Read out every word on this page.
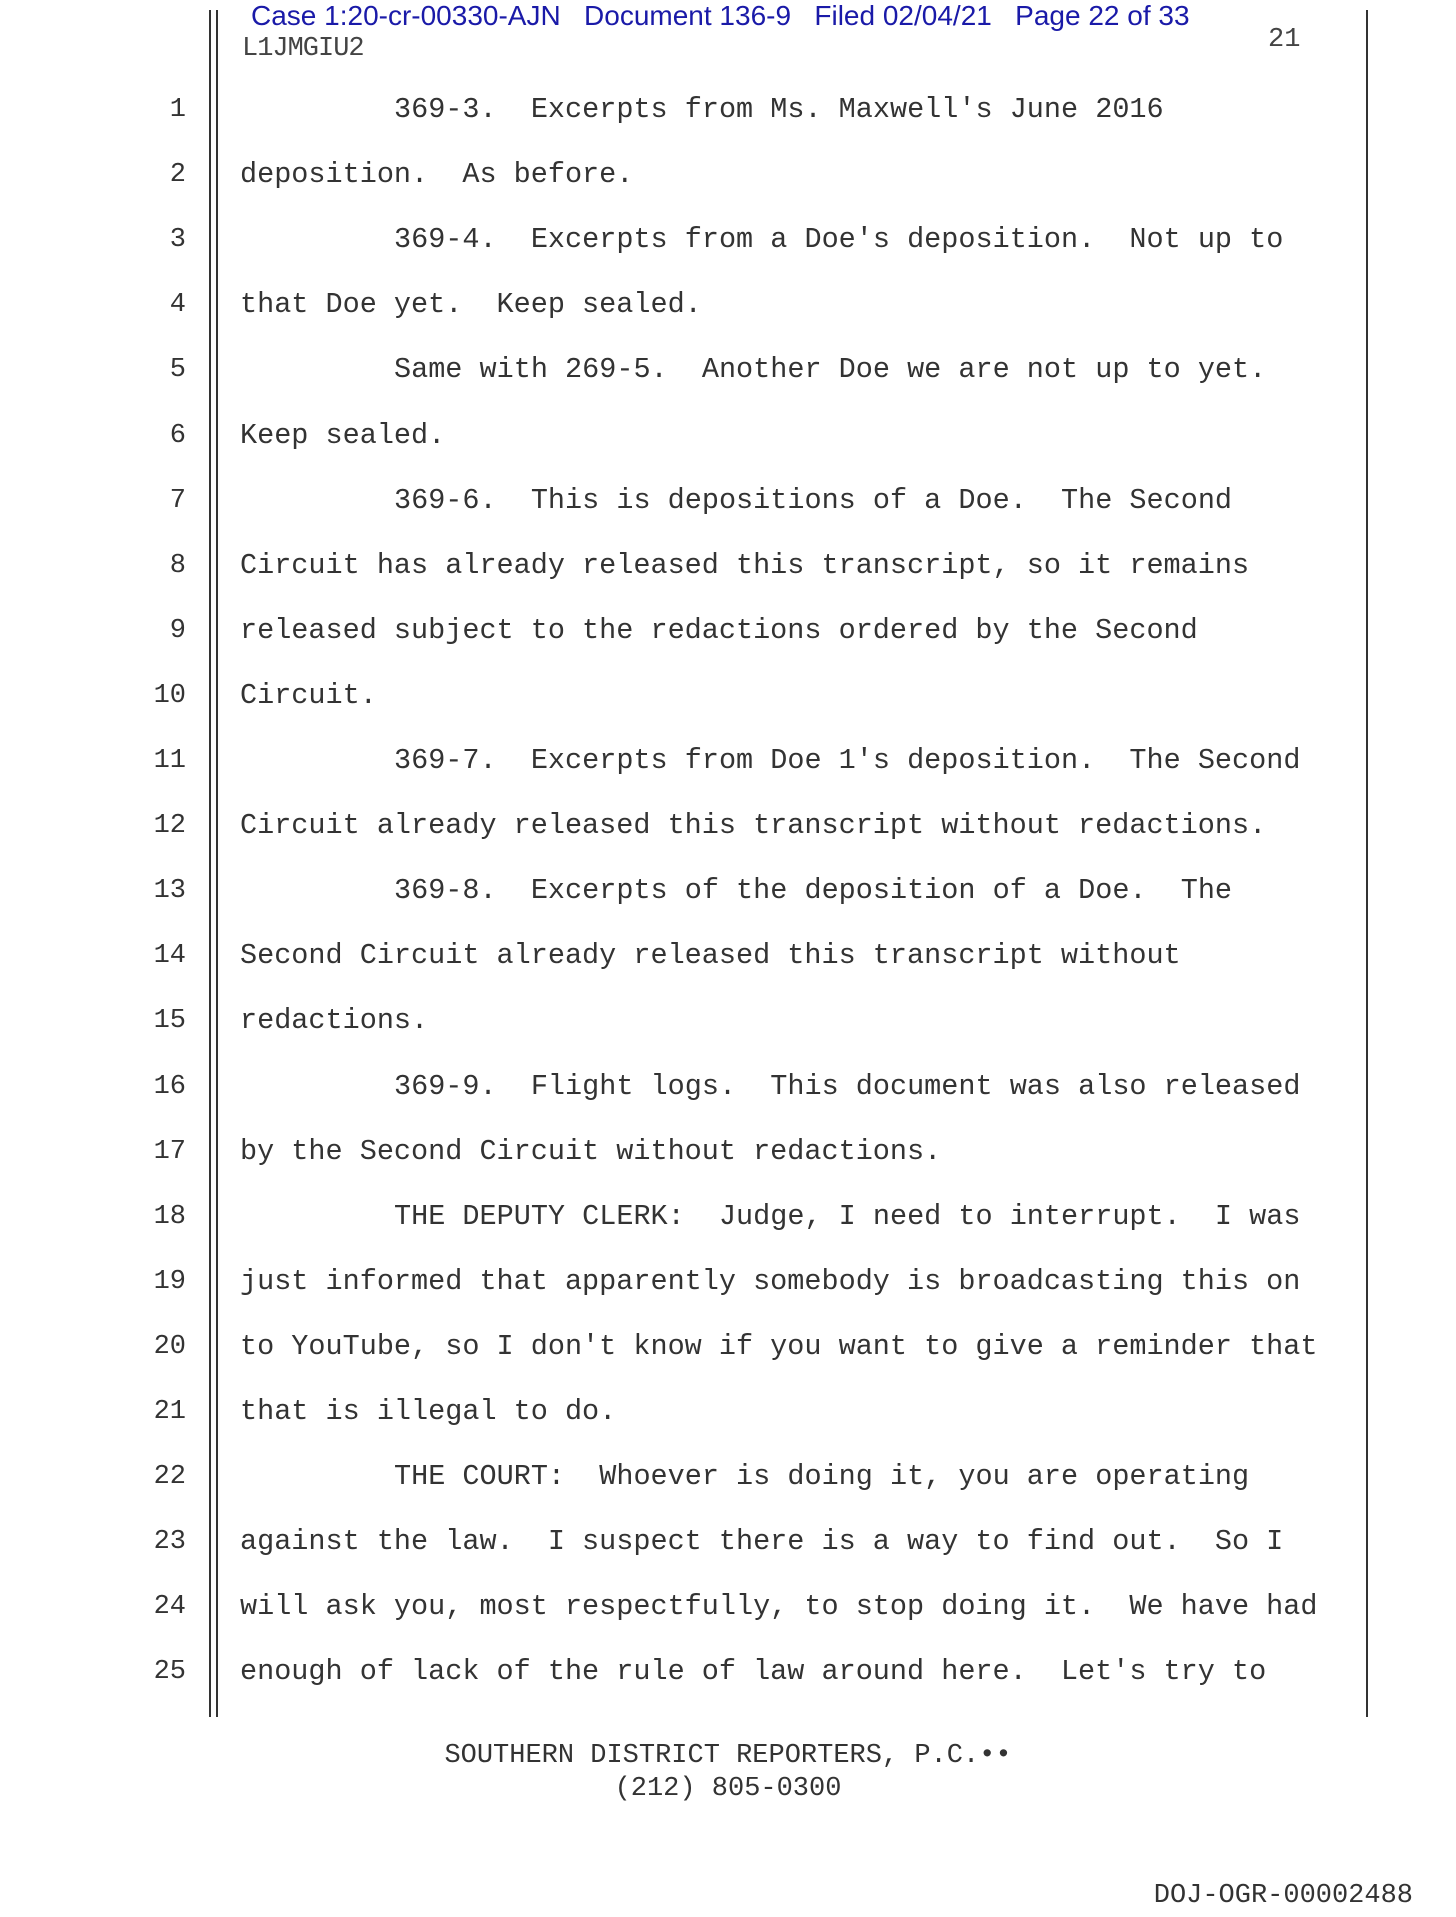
Case 1:20-cr-00330-AJN   Document 136-9   Filed 02/04/21   Page 22 of 33
L1JMGIU2	21
1	369-3.  Excerpts from Ms. Maxwell's June 2016
2 deposition.  As before.
3	369-4.  Excerpts from a Doe's deposition.  Not up to
4 that Doe yet.  Keep sealed.
5	Same with 269-5.  Another Doe we are not up to yet.
6 Keep sealed.
7	369-6.  This is depositions of a Doe.  The Second
8 Circuit has already released this transcript, so it remains
9 released subject to the redactions ordered by the Second
10 Circuit.
11	369-7.  Excerpts from Doe 1's deposition.  The Second
12 Circuit already released this transcript without redactions.
13	369-8.  Excerpts of the deposition of a Doe.  The
14 Second Circuit already released this transcript without
15 redactions.
16	369-9.  Flight logs.  This document was also released
17 by the Second Circuit without redactions.
18	THE DEPUTY CLERK:  Judge, I need to interrupt.  I was
19 just informed that apparently somebody is broadcasting this on
20 to YouTube, so I don't know if you want to give a reminder that
21 that is illegal to do.
22	THE COURT:  Whoever is doing it, you are operating
23 against the law.  I suspect there is a way to find out.  So I
24 will ask you, most respectfully, to stop doing it.  We have had
25 enough of lack of the rule of law around here.  Let's try to
SOUTHERN DISTRICT REPORTERS, P.C.••
(212) 805-0300
DOJ-OGR-00002488
